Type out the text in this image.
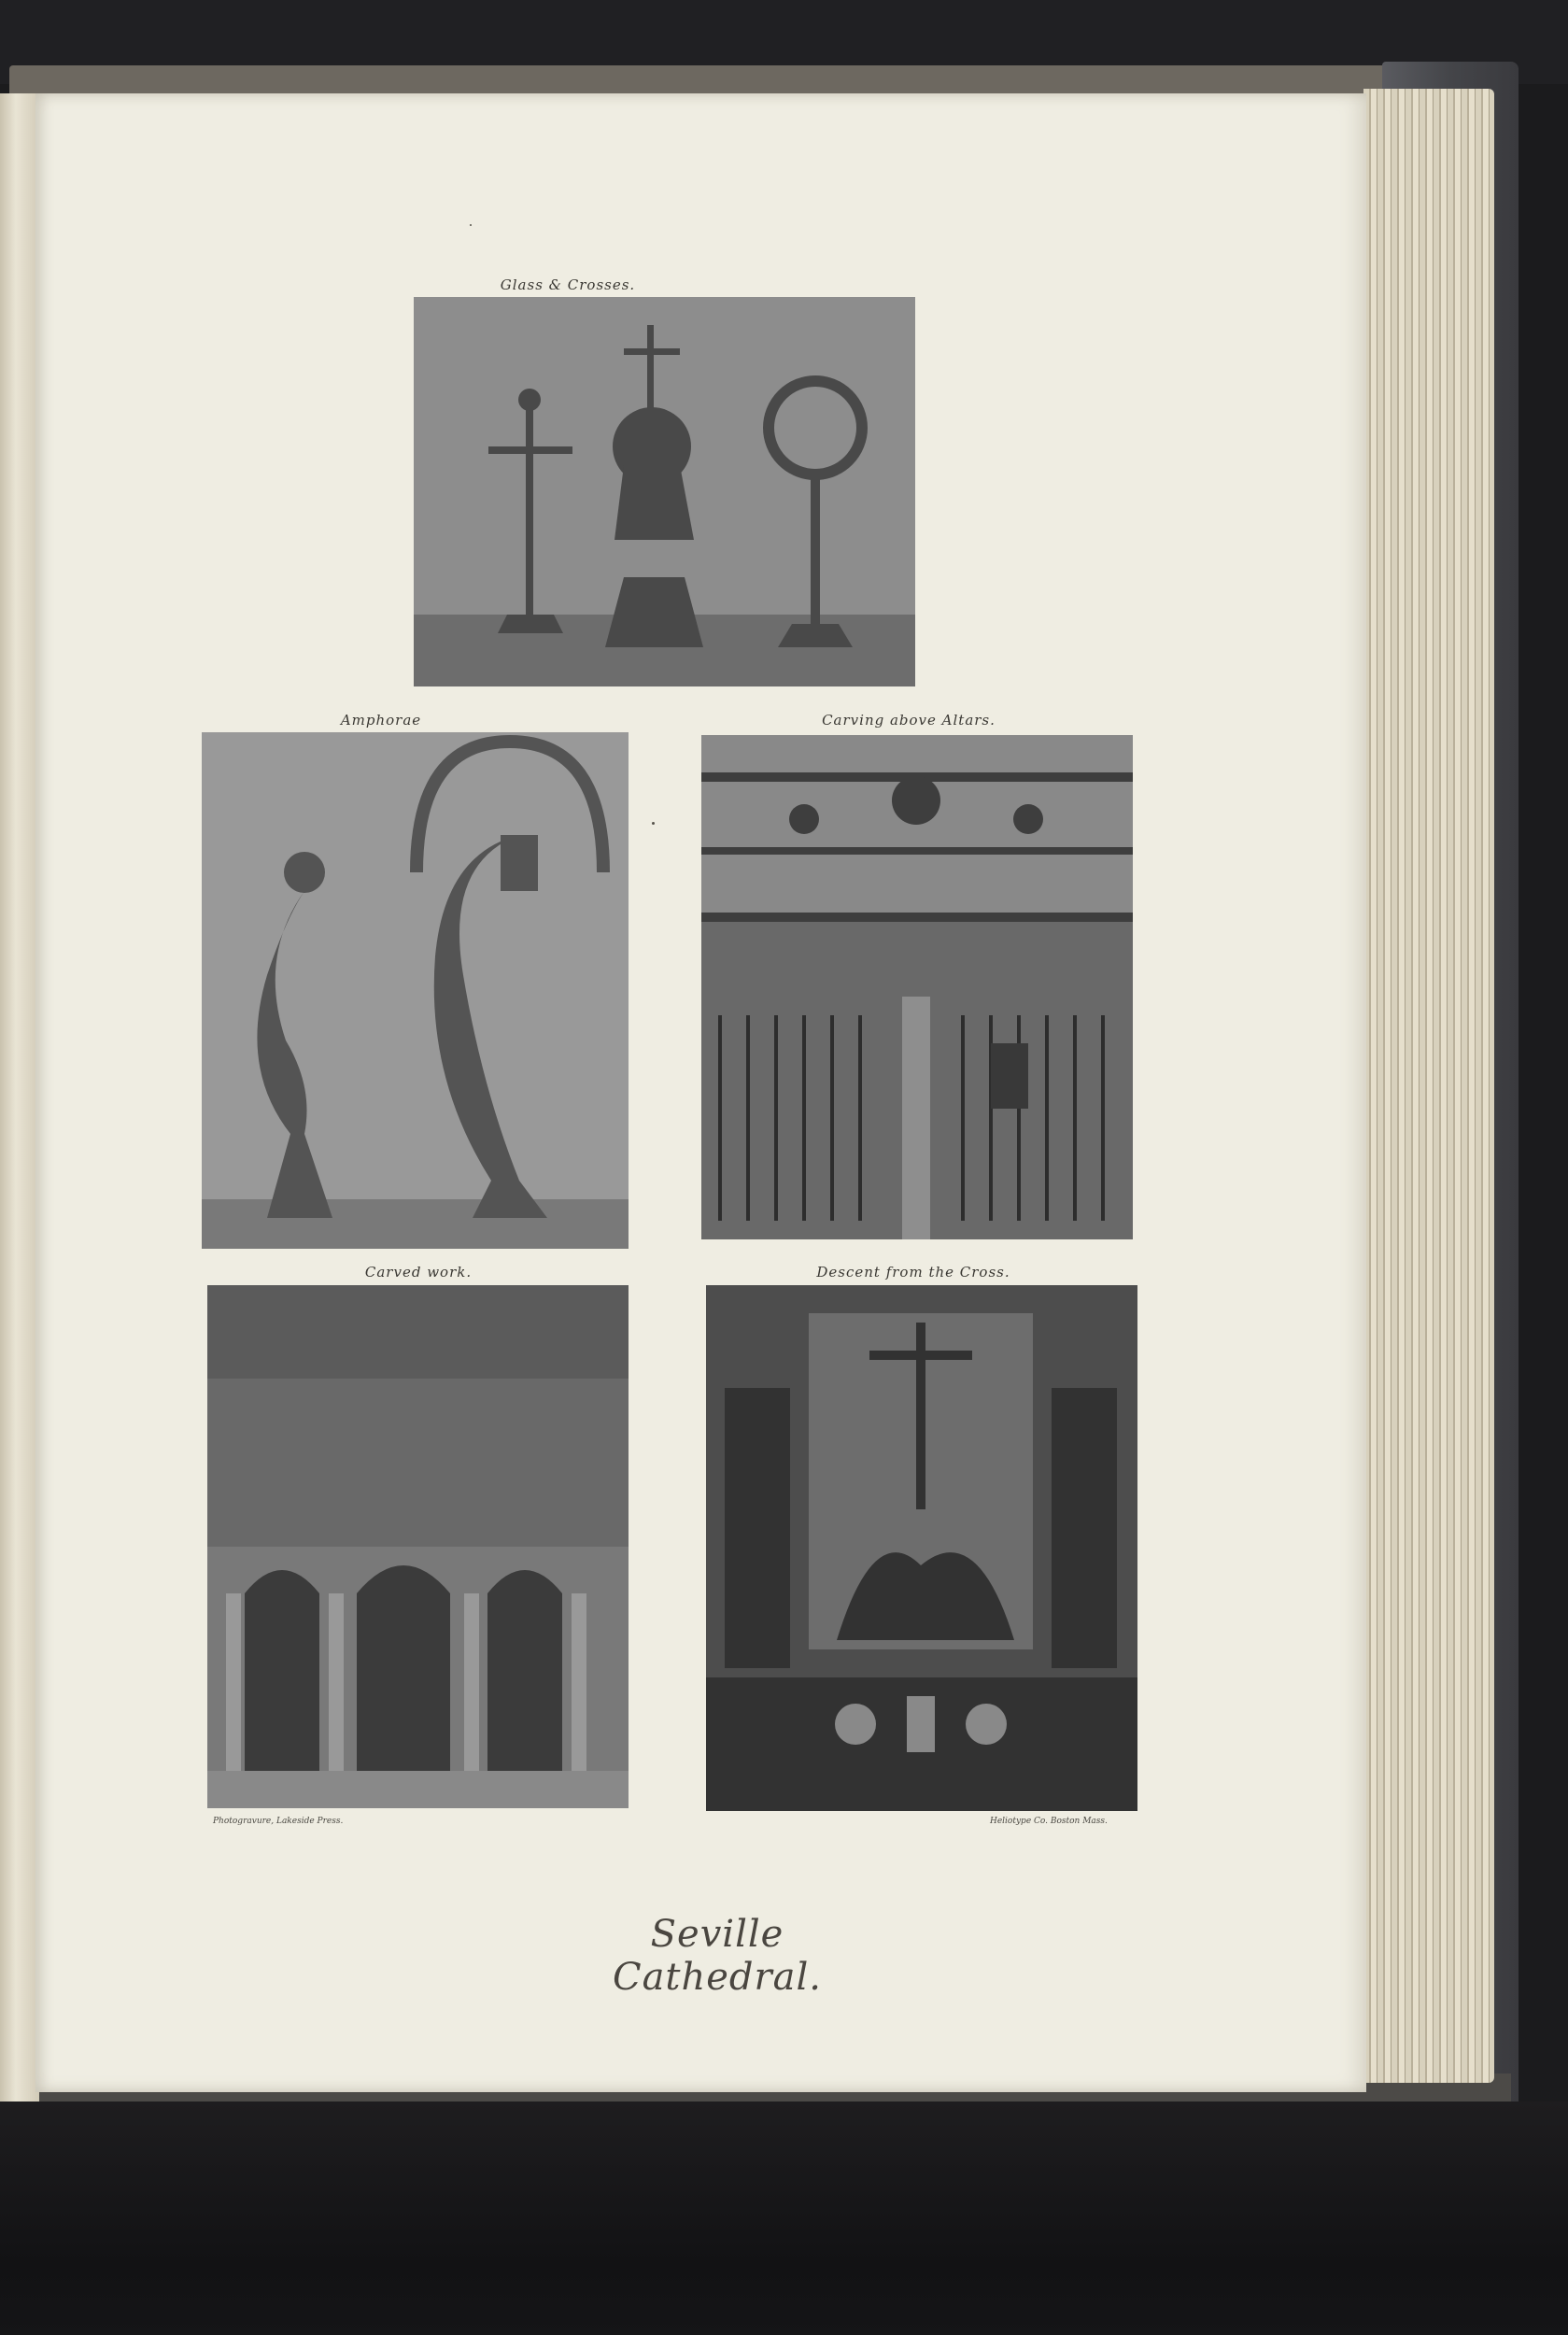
Glass & Crosses.
Amphorae	Carving above Altars.
Carved work.	Descent from the Cross.
Photogravure, Lakeside Press.	Heliotype Co. Boston Mass.
Seville Cathedral.
